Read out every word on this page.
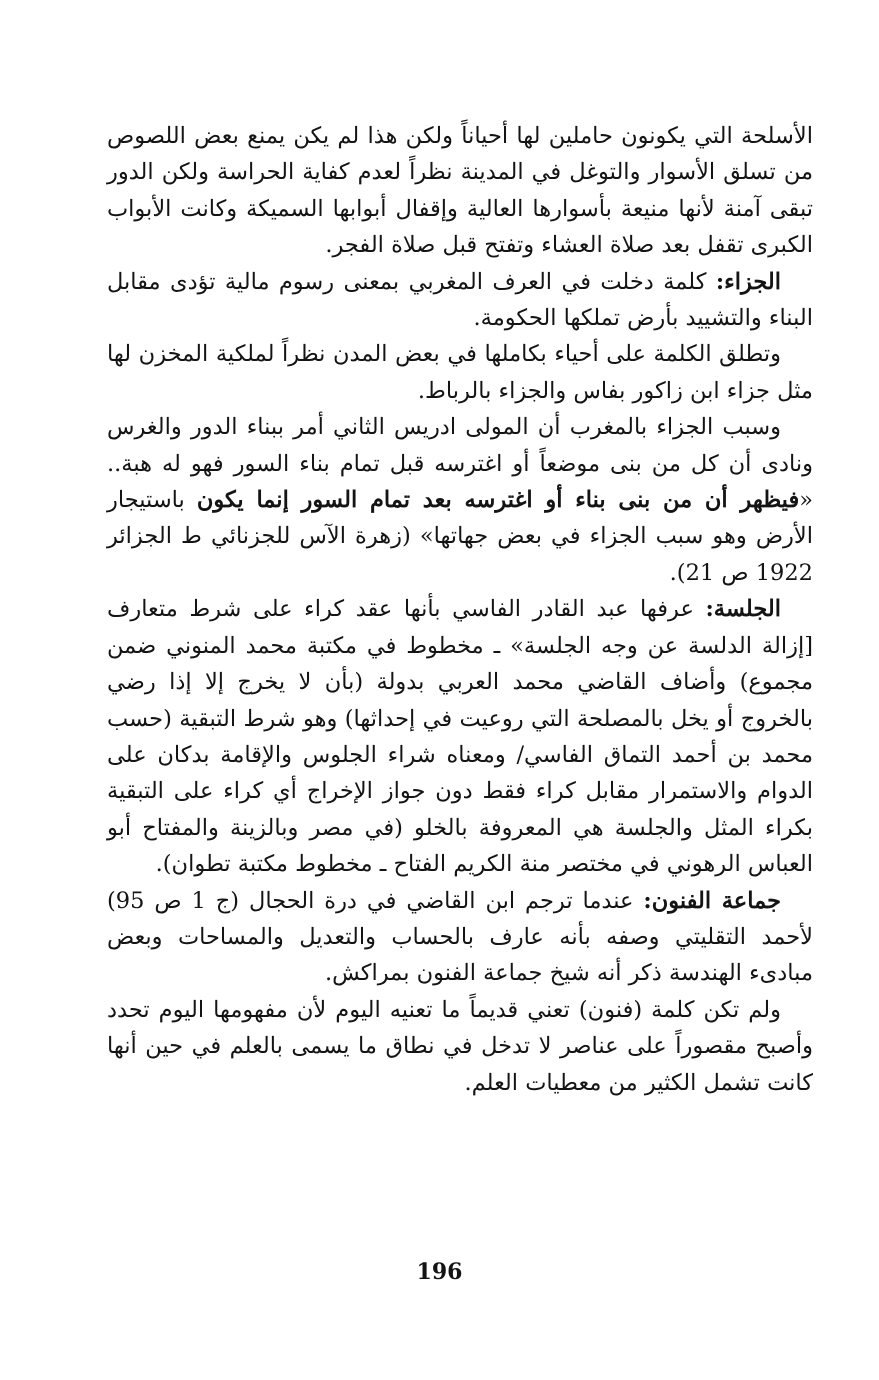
الأسلحة التي يكونون حاملين لها أحياناً ولكن هذا لم يكن يمنع بعض اللصوص من تسلق الأسوار والتوغل في المدينة نظراً لعدم كفاية الحراسة ولكن الدور تبقى آمنة لأنها منيعة بأسوارها العالية وإقفال أبوابها السميكة وكانت الأبواب الكبرى تقفل بعد صلاة العشاء وتفتح قبل صلاة الفجر.

الجزاء: كلمة دخلت في العرف المغربي بمعنى رسوم مالية تؤدى مقابل البناء والتشييد بأرض تملكها الحكومة.

وتطلق الكلمة على أحياء بكاملها في بعض المدن نظراً لملكية المخزن لها مثل جزاء ابن زاكور بفاس والجزاء بالرباط.

وسبب الجزاء بالمغرب أن المولى ادريس الثاني أمر ببناء الدور والغرس ونادى أن كل من بنى موضعاً أو اغترسه قبل تمام بناء السور فهو له هبة.. «فيظهر أن من بنى بناء أو اغترسه بعد تمام السور إنما يكون باستيجار الأرض وهو سبب الجزاء في بعض جهاتها» (زهرة الآس للجزنائي ط الجزائر 1922 ص 21).

الجلسة: عرفها عبد القادر الفاسي بأنها عقد كراء على شرط متعارف [إزالة الدلسة عن وجه الجلسة» ـ مخطوط في مكتبة محمد المنوني ضمن مجموع) وأضاف القاضي محمد العربي بدولة (بأن لا يخرج إلا إذا رضي بالخروج أو يخل بالمصلحة التي روعيت في إحداثها) وهو شرط التبقية (حسب محمد بن أحمد التماق الفاسي/ ومعناه شراء الجلوس والإقامة بدكان على الدوام والاستمرار مقابل كراء فقط دون جواز الإخراج أي كراء على التبقية بكراء المثل والجلسة هي المعروفة بالخلو (في مصر وبالزينة والمفتاح أبو العباس الرهوني في مختصر منة الكريم الفتاح ـ مخطوط مكتبة تطوان).

جماعة الفنون: عندما ترجم ابن القاضي في درة الحجال (ج 1 ص 95) لأحمد التقليتي وصفه بأنه عارف بالحساب والتعديل والمساحات وبعض مبادىء الهندسة ذكر أنه شيخ جماعة الفنون بمراكش.

ولم تكن كلمة (فنون) تعني قديماً ما تعنيه اليوم لأن مفهومها اليوم تحدد وأصبح مقصوراً على عناصر لا تدخل في نطاق ما يسمى بالعلم في حين أنها كانت تشمل الكثير من معطيات العلم.

196
